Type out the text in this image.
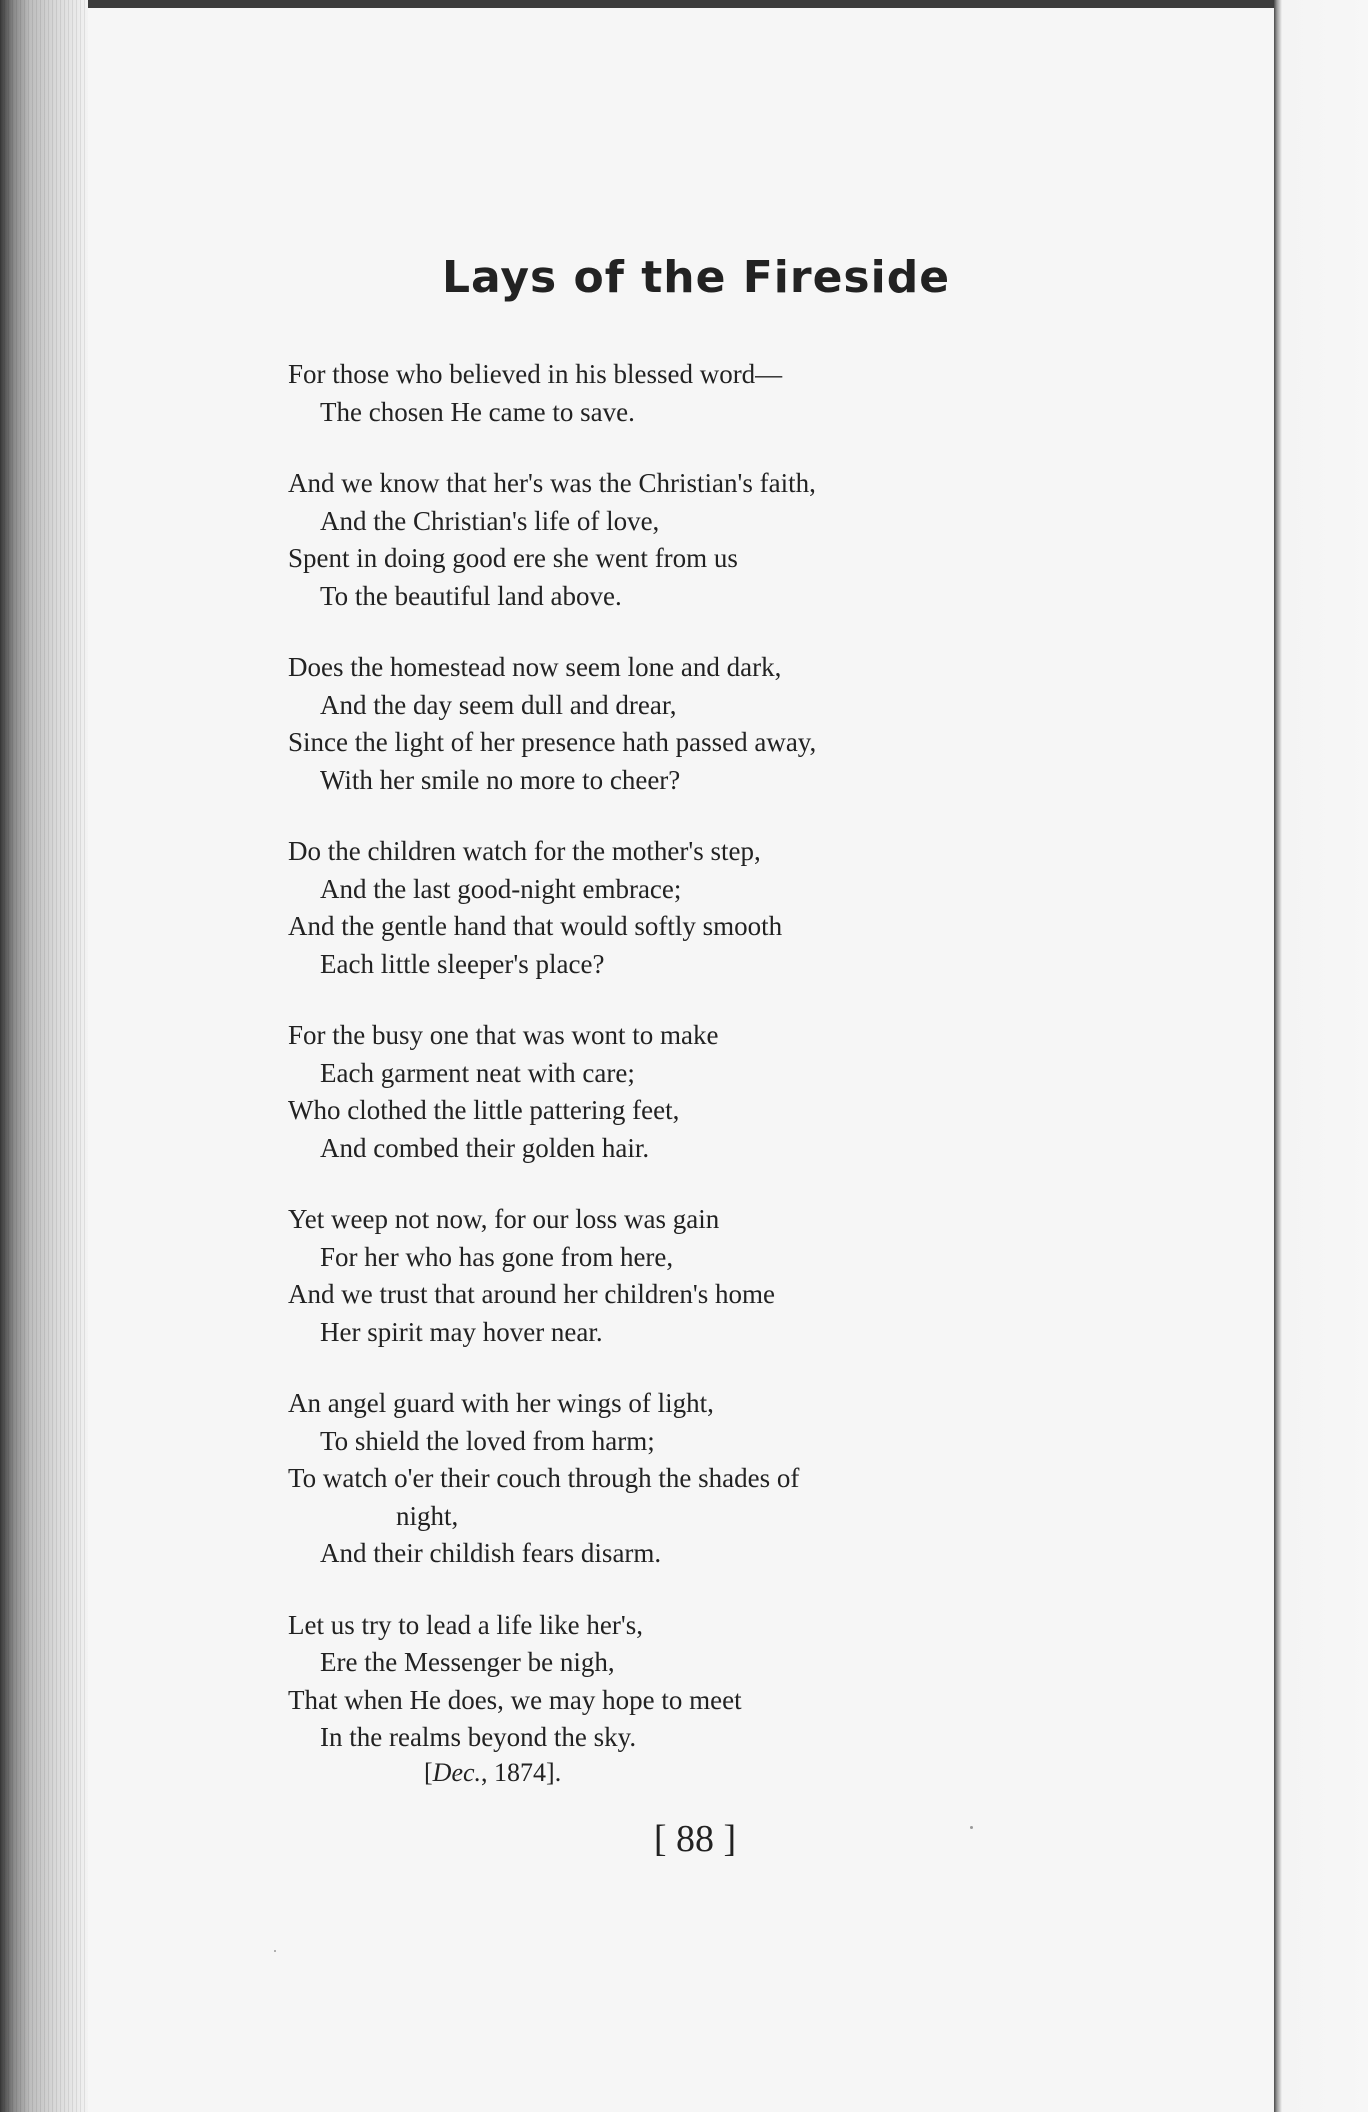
Lays of the Fireside
For those who believed in his blessed word—
The chosen He came to save.
And we know that her's was the Christian's faith,
And the Christian's life of love,
Spent in doing good ere she went from us
To the beautiful land above.
Does the homestead now seem lone and dark,
And the day seem dull and drear,
Since the light of her presence hath passed away,
With her smile no more to cheer?
Do the children watch for the mother's step,
And the last good-night embrace;
And the gentle hand that would softly smooth
Each little sleeper's place?
For the busy one that was wont to make
Each garment neat with care;
Who clothed the little pattering feet,
And combed their golden hair.
Yet weep not now, for our loss was gain
For her who has gone from here,
And we trust that around her children's home
Her spirit may hover near.
An angel guard with her wings of light,
To shield the loved from harm;
To watch o'er their couch through the shades of
night,
And their childish fears disarm.
Let us try to lead a life like her's,
Ere the Messenger be nigh,
That when He does, we may hope to meet
In the realms beyond the sky.
[Dec., 1874].
[ 88 ]
